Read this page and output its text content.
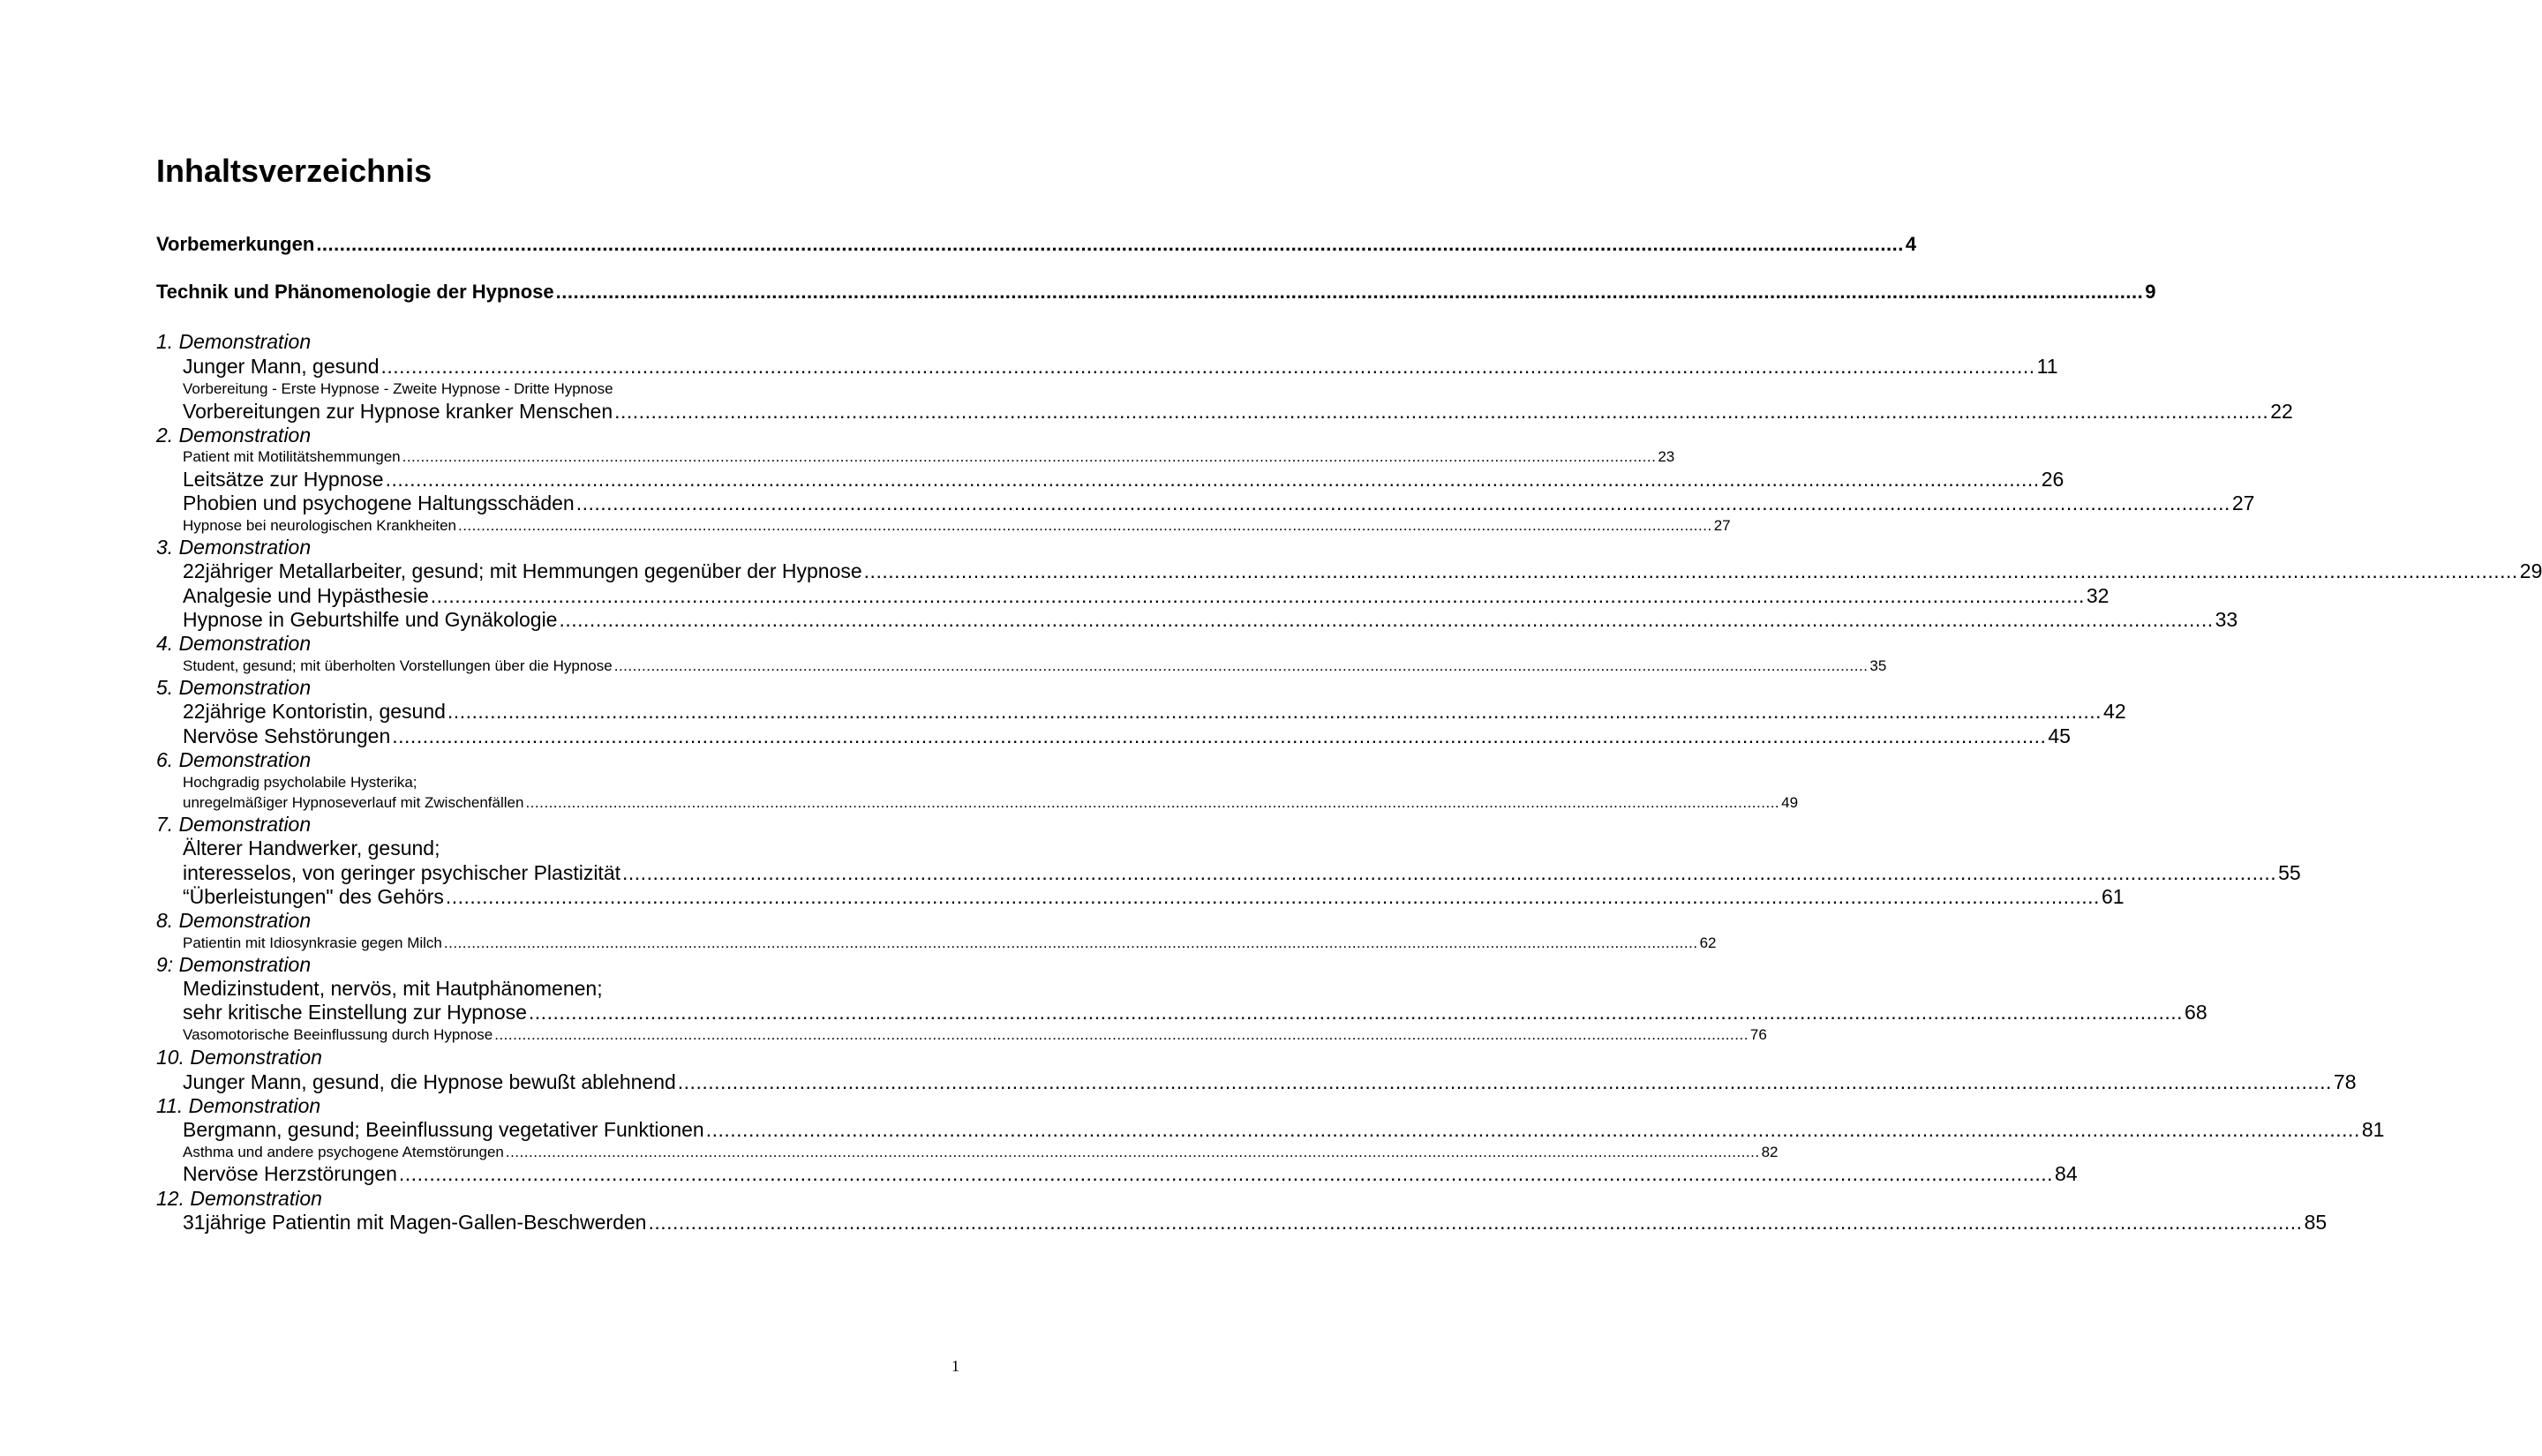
Inhaltsverzeichnis
Vorbemerkungen ................................................................................................................................................................................................................................................................................ 4
Technik und Phänomenologie der Hypnose ................................................................................................................................................................................................................................................................................ 9
1. Demonstration
Junger Mann, gesund ................................................................................................................................................................................................................................................................................ 11
Vorbereitung - Erste Hypnose - Zweite Hypnose - Dritte Hypnose
Vorbereitungen zur Hypnose kranker Menschen ................................................................................................................................................................................................................................................................................ 22
2. Demonstration
Patient mit Motilitätshemmungen ................................................................................................................................................................................................................................................................................ 23
Leitsätze zur Hypnose ................................................................................................................................................................................................................................................................................ 26
Phobien und psychogene Haltungsschäden ................................................................................................................................................................................................................................................................................ 27
Hypnose bei neurologischen Krankheiten ................................................................................................................................................................................................................................................................................ 27
3. Demonstration
22jähriger Metallarbeiter, gesund; mit Hemmungen gegenüber der Hypnose ................................................................................................................................................................................................................................................................................ 29
Analgesie und Hypästhesie ................................................................................................................................................................................................................................................................................ 32
Hypnose in Geburtshilfe und Gynäkologie ................................................................................................................................................................................................................................................................................ 33
4. Demonstration
Student, gesund; mit überholten Vorstellungen über die Hypnose ................................................................................................................................................................................................................................................................................ 35
5. Demonstration
22jährige Kontoristin, gesund ................................................................................................................................................................................................................................................................................ 42
Nervöse Sehstörungen ................................................................................................................................................................................................................................................................................ 45
6. Demonstration
Hochgradig psycholabile Hysterika;
unregelmäßiger Hypnoseverlauf mit Zwischenfällen ................................................................................................................................................................................................................................................................................ 49
7. Demonstration
Älterer Handwerker, gesund;
interesselos, von geringer psychischer Plastizität ................................................................................................................................................................................................................................................................................ 55
“Überleistungen" des Gehörs ................................................................................................................................................................................................................................................................................ 61
8. Demonstration
Patientin mit Idiosynkrasie gegen Milch ................................................................................................................................................................................................................................................................................ 62
9: Demonstration
Medizinstudent, nervös, mit Hautphänomenen;
sehr kritische Einstellung zur Hypnose ................................................................................................................................................................................................................................................................................ 68
Vasomotorische Beeinflussung durch Hypnose ................................................................................................................................................................................................................................................................................ 76
10. Demonstration
Junger Mann, gesund, die Hypnose bewußt ablehnend ................................................................................................................................................................................................................................................................................ 78
11. Demonstration
Bergmann, gesund; Beeinflussung vegetativer Funktionen ................................................................................................................................................................................................................................................................................ 81
Asthma und andere psychogene Atemstörungen ................................................................................................................................................................................................................................................................................ 82
Nervöse Herzstörungen ................................................................................................................................................................................................................................................................................ 84
12. Demonstration
31jährige Patientin mit Magen-Gallen-Beschwerden ................................................................................................................................................................................................................................................................................ 85
1
